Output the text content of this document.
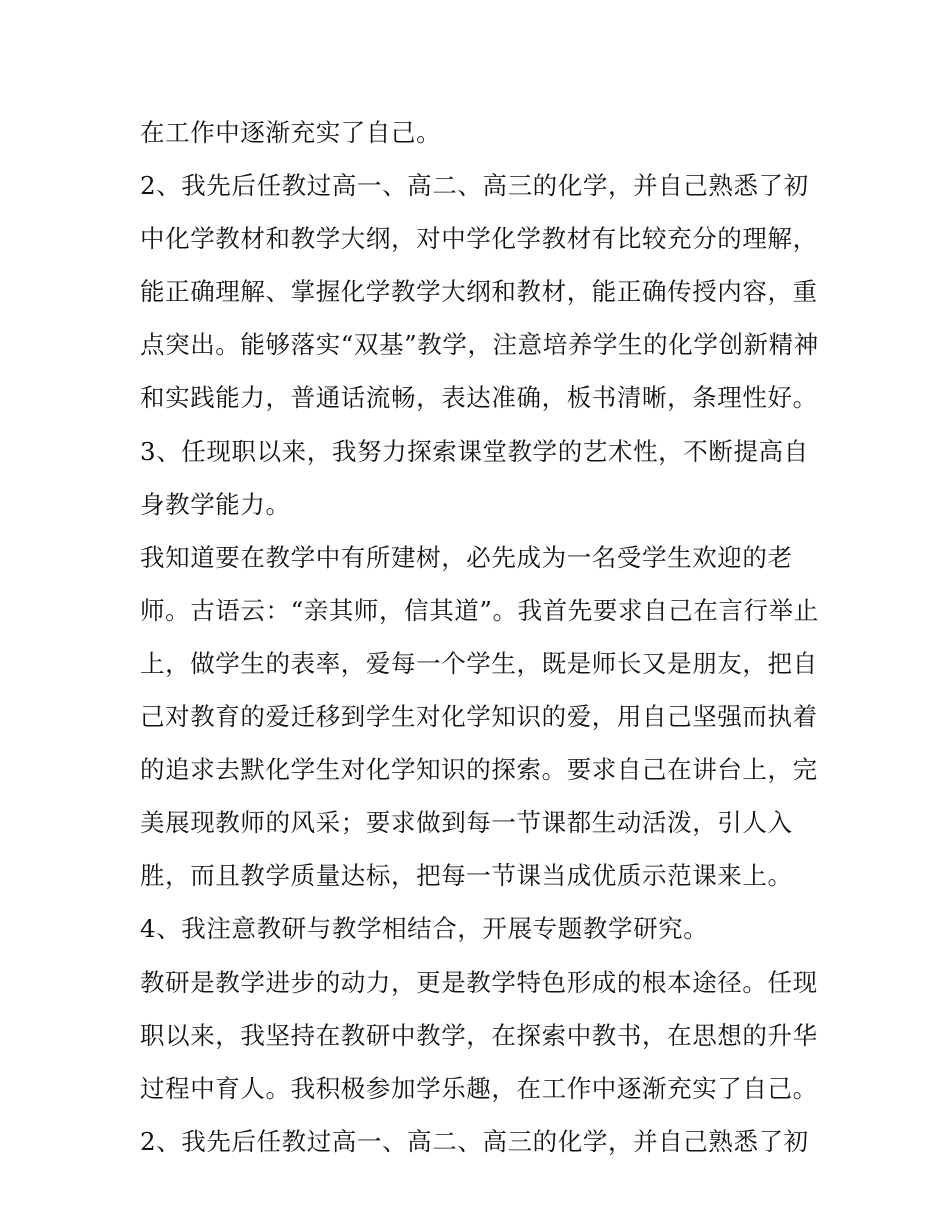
在工作中逐渐充实了自己。
2、我先后任教过高一、高二、高三的化学，并自己熟悉了初
中化学教材和教学大纲，对中学化学教材有比较充分的理解，
能正确理解、掌握化学教学大纲和教材，能正确传授内容，重
点突出。能够落实“双基”教学，注意培养学生的化学创新精神
和实践能力，普通话流畅，表达准确，板书清晰，条理性好。
3、任现职以来，我努力探索课堂教学的艺术性，不断提高自
身教学能力。
我知道要在教学中有所建树，必先成为一名受学生欢迎的老
师。古语云：“亲其师，信其道”。我首先要求自己在言行举止
上，做学生的表率，爱每一个学生，既是师长又是朋友，把自
己对教育的爱迁移到学生对化学知识的爱，用自己坚强而执着
的追求去默化学生对化学知识的探索。要求自己在讲台上，完
美展现教师的风采；要求做到每一节课都生动活泼，引人入
胜，而且教学质量达标，把每一节课当成优质示范课来上。
4、我注意教研与教学相结合，开展专题教学研究。
教研是教学进步的动力，更是教学特色形成的根本途径。任现
职以来，我坚持在教研中教学，在探索中教书，在思想的升华
过程中育人。我积极参加学乐趣，在工作中逐渐充实了自己。
2、我先后任教过高一、高二、高三的化学，并自己熟悉了初
